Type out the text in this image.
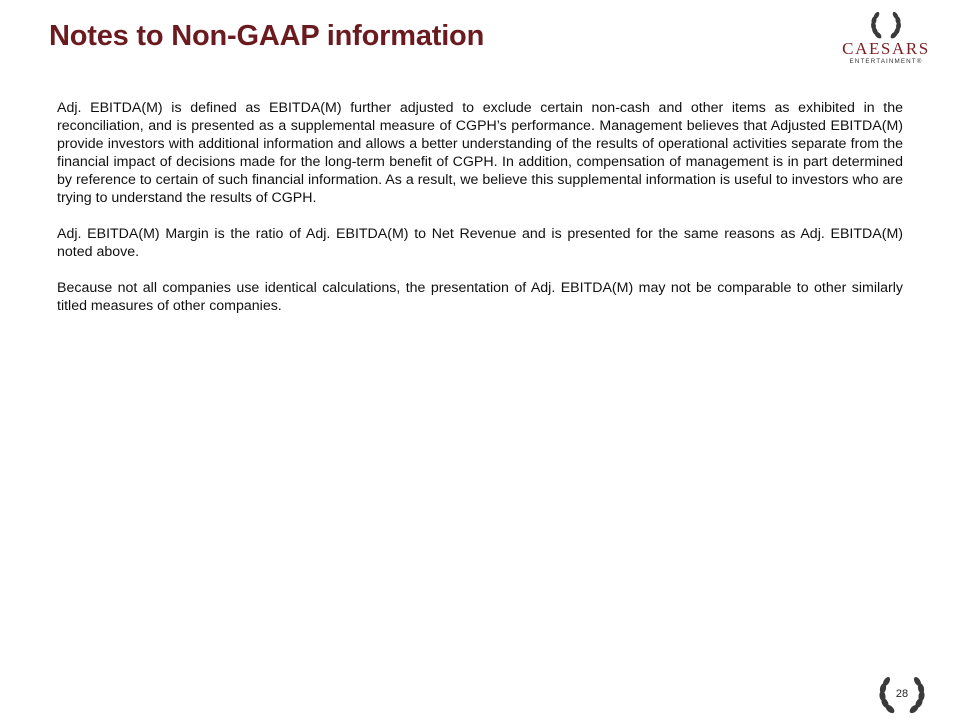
Notes to Non-GAAP information	CAESARS
ENTERTAINMENT®

Adj. EBITDA(M) is defined as EBITDA(M) further adjusted to exclude certain non-cash and other items as exhibited in the reconciliation, and is presented as a supplemental measure of CGPH’s performance. Management believes that Adjusted EBITDA(M) provide investors with additional information and allows a better understanding of the results of operational activities separate from the financial impact of decisions made for the long-term benefit of CGPH. In addition, compensation of management is in part determined by reference to certain of such financial information. As a result, we believe this supplemental information is useful to investors who are trying to understand the results of CGPH.

Adj. EBITDA(M) Margin is the ratio of Adj. EBITDA(M) to Net Revenue and is presented for the same reasons as Adj. EBITDA(M) noted above.

Because not all companies use identical calculations, the presentation of Adj. EBITDA(M) may not be comparable to other similarly titled measures of other companies.

28
